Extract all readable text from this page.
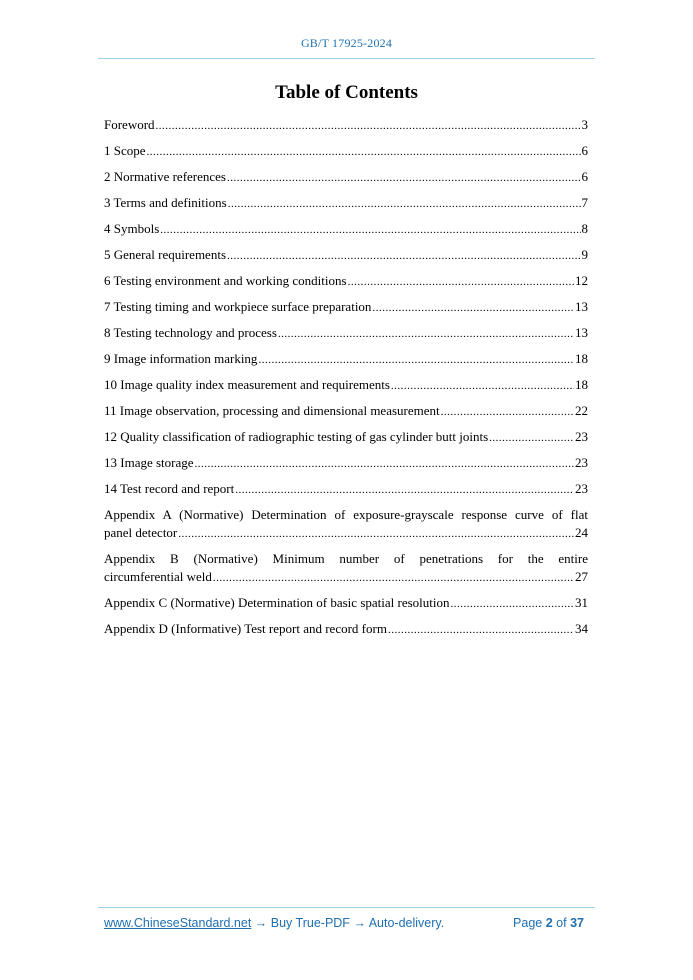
GB/T 17925-2024
Table of Contents
Foreword .....	3
1 Scope .....	6
2 Normative references .....	6
3 Terms and definitions .....	7
4 Symbols .....	8
5 General requirements .....	9
6 Testing environment and working conditions .....	12
7 Testing timing and workpiece surface preparation .....	13
8 Testing technology and process .....	13
9 Image information marking .....	18
10 Image quality index measurement and requirements .....	18
11 Image observation, processing and dimensional measurement .....	22
12 Quality classification of radiographic testing of gas cylinder butt joints .....	23
13 Image storage .....	23
14 Test record and report .....	23
Appendix A (Normative) Determination of exposure-grayscale response curve of flat
panel detector .....	24
Appendix B (Normative) Minimum number of penetrations for the entire
circumferential weld .....	27
Appendix C (Normative) Determination of basic spatial resolution .....	31
Appendix D (Informative) Test report and record form .....	34
www.ChineseStandard.net → Buy True-PDF → Auto-delivery.	Page 2 of 37
